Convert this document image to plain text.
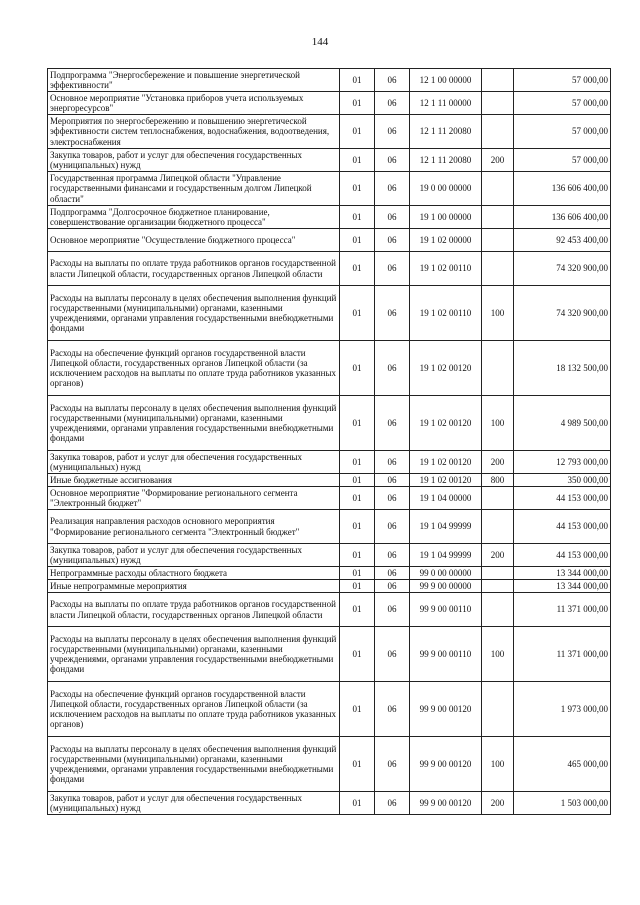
144
Подпрограмма "Энергосбережение и повышение энергетической эффективности"	01	06	12 1 00 00000		57 000,00
Основное мероприятие "Установка приборов учета используемых энергоресурсов"	01	06	12 1 11 00000		57 000,00
Мероприятия по энергосбережению и повышению энергетической эффективности систем теплоснабжения, водоснабжения, водоотведения, электроснабжения	01	06	12 1 11 20080		57 000,00
Закупка товаров, работ и услуг для обеспечения государственных (муниципальных) нужд	01	06	12 1 11 20080	200	57 000,00
Государственная программа Липецкой области "Управление государственными финансами и государственным долгом Липецкой области"	01	06	19 0 00 00000		136 606 400,00
Подпрограмма "Долгосрочное бюджетное планирование, совершенствование организации бюджетного процесса"	01	06	19 1 00 00000		136 606 400,00
Основное мероприятие "Осуществление бюджетного процесса"	01	06	19 1 02 00000		92 453 400,00
Расходы на выплаты по оплате труда работников органов государственной власти Липецкой области, государственных органов Липецкой области	01	06	19 1 02 00110		74 320 900,00
Расходы на выплаты персоналу в целях обеспечения выполнения функций государственными (муниципальными) органами, казенными учреждениями, органами управления государственными внебюджетными фондами	01	06	19 1 02 00110	100	74 320 900,00
Расходы на обеспечение функций органов государственной власти Липецкой области, государственных органов Липецкой области (за исключением расходов на выплаты по оплате труда работников указанных органов)	01	06	19 1 02 00120		18 132 500,00
Расходы на выплаты персоналу в целях обеспечения выполнения функций государственными (муниципальными) органами, казенными учреждениями, органами управления государственными внебюджетными фондами	01	06	19 1 02 00120	100	4 989 500,00
Закупка товаров, работ и услуг для обеспечения государственных (муниципальных) нужд	01	06	19 1 02 00120	200	12 793 000,00
Иные бюджетные ассигнования	01	06	19 1 02 00120	800	350 000,00
Основное мероприятие "Формирование регионального сегмента "Электронный бюджет"	01	06	19 1 04 00000		44 153 000,00
Реализация направления расходов основного мероприятия "Формирование регионального сегмента "Электронный бюджет"	01	06	19 1 04 99999		44 153 000,00
Закупка товаров, работ и услуг для обеспечения государственных (муниципальных) нужд	01	06	19 1 04 99999	200	44 153 000,00
Непрограммные расходы областного бюджета	01	06	99 0 00 00000		13 344 000,00
Иные непрограммные мероприятия	01	06	99 9 00 00000		13 344 000,00
Расходы на выплаты по оплате труда работников органов государственной власти Липецкой области, государственных органов Липецкой области	01	06	99 9 00 00110		11 371 000,00
Расходы на выплаты персоналу в целях обеспечения выполнения функций государственными (муниципальными) органами, казенными учреждениями, органами управления государственными внебюджетными фондами	01	06	99 9 00 00110	100	11 371 000,00
Расходы на обеспечение функций органов государственной власти Липецкой области, государственных органов Липецкой области (за исключением расходов на выплаты по оплате труда работников указанных органов)	01	06	99 9 00 00120		1 973 000,00
Расходы на выплаты персоналу в целях обеспечения выполнения функций государственными (муниципальными) органами, казенными учреждениями, органами управления государственными внебюджетными фондами	01	06	99 9 00 00120	100	465 000,00
Закупка товаров, работ и услуг для обеспечения государственных (муниципальных) нужд	01	06	99 9 00 00120	200	1 503 000,00
